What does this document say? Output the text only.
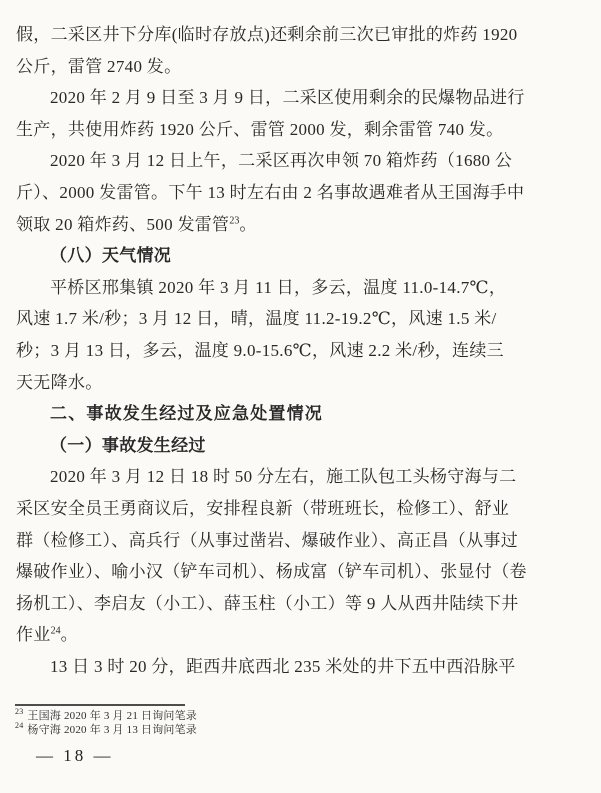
假，二采区井下分库(临时存放点)还剩余前三次已审批的炸药 1920
公斤，雷管 2740 发。
2020 年 2 月 9 日至 3 月 9 日，二采区使用剩余的民爆物品进行
生产，共使用炸药 1920 公斤、雷管 2000 发，剩余雷管 740 发。
2020 年 3 月 12 日上午，二采区再次申领 70 箱炸药（1680 公
斤）、2000 发雷管。下午 13 时左右由 2 名事故遇难者从王国海手中
领取 20 箱炸药、500 发雷管$^{23}$。
（八）天气情况
平桥区邢集镇 2020 年 3 月 11 日，多云，温度 11.0-14.7℃，
风速 1.7 米/秒；3 月 12 日，晴，温度 11.2-19.2℃，风速 1.5 米/
秒；3 月 13 日，多云，温度 9.0-15.6℃，风速 2.2 米/秒，连续三
天无降水。
二、事故发生经过及应急处置情况
（一）事故发生经过
2020 年 3 月 12 日 18 时 50 分左右，施工队包工头杨守海与二
采区安全员王勇商议后，安排程良新（带班班长，检修工）、舒业
群（检修工）、高兵行（从事过凿岩、爆破作业）、高正昌（从事过
爆破作业）、喻小汉（铲车司机）、杨成富（铲车司机）、张显付（卷
扬机工）、李启友（小工）、薛玉柱（小工）等 9 人从西井陆续下井
作业$^{24}$。
13 日 3 时 20 分，距西井底西北 235 米处的井下五中西沿脉平
$^{23}$ 王国海 2020 年 3 月 21 日询问笔录
$^{24}$ 杨守海 2020 年 3 月 13 日询问笔录
— 18 —
